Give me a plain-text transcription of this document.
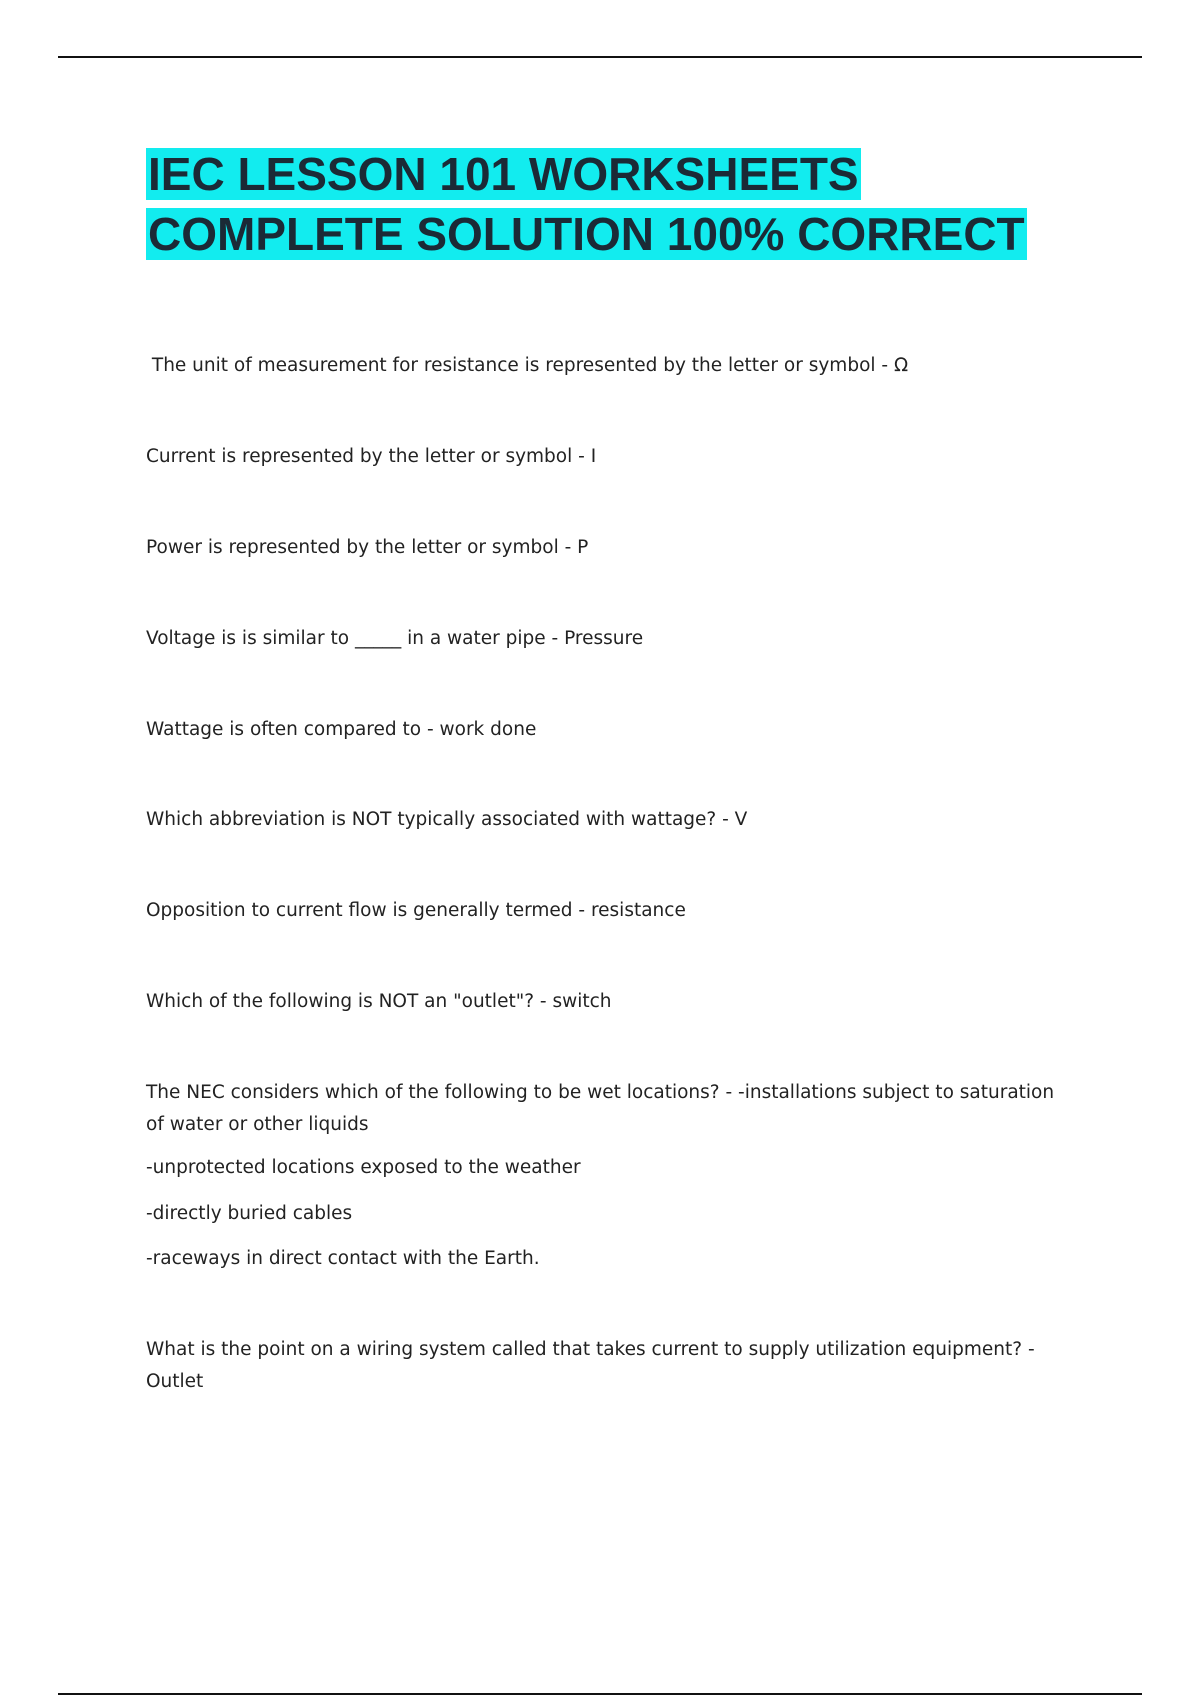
IEC LESSON 101 WORKSHEETS
COMPLETE SOLUTION 100% CORRECT

The unit of measurement for resistance is represented by the letter or symbol - Ω

Current is represented by the letter or symbol - I

Power is represented by the letter or symbol - P

Voltage is is similar to _____ in a water pipe - Pressure

Wattage is often compared to - work done

Which abbreviation is NOT typically associated with wattage? - V

Opposition to current flow is generally termed - resistance

Which of the following is NOT an "outlet"? - switch

The NEC considers which of the following to be wet locations? - -installations subject to saturation of water or other liquids

-unprotected locations exposed to the weather

-directly buried cables

-raceways in direct contact with the Earth.

What is the point on a wiring system called that takes current to supply utilization equipment? - Outlet
